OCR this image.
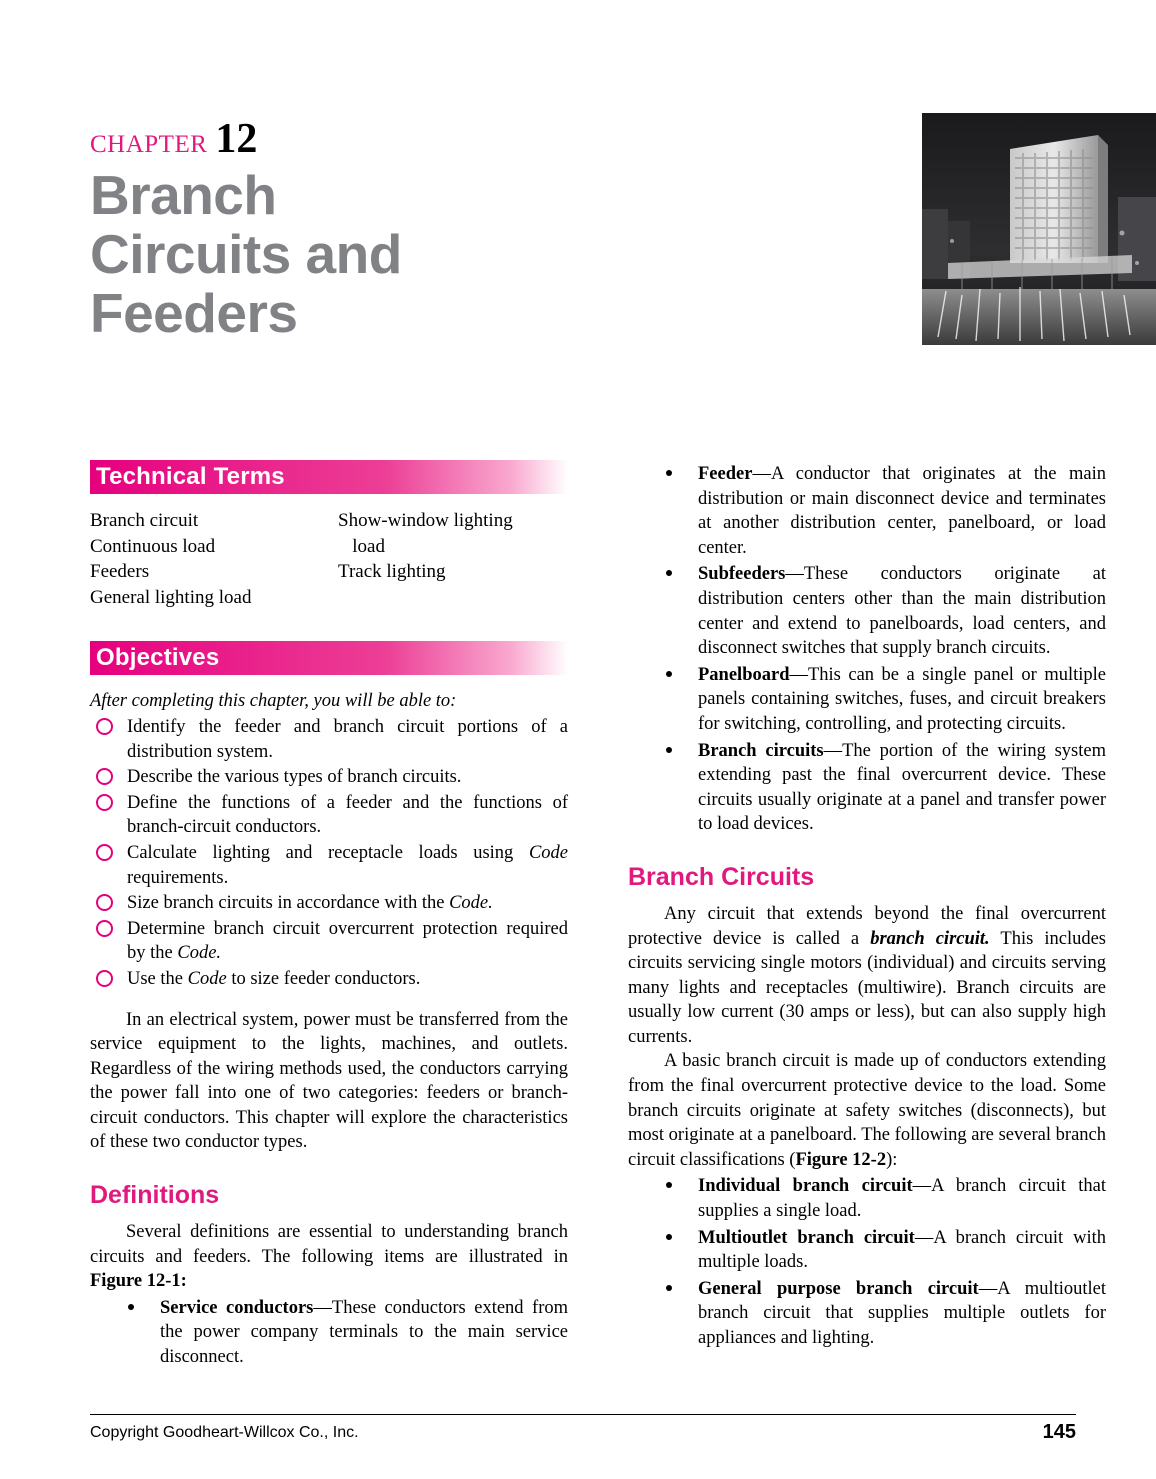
CHAPTER 12
Branch
Circuits and
Feeders
Technical Terms
Branch circuit
Continuous load
Feeders
General lighting load
Show-window lighting
load
Track lighting
Objectives
After completing this chapter, you will be able to:
Identify the feeder and branch circuit portions of a distribution system.
Describe the various types of branch circuits.
Define the functions of a feeder and the functions of branch-circuit conductors.
Calculate lighting and receptacle loads using Code requirements.
Size branch circuits in accordance with the Code.
Determine branch circuit overcurrent protection required by the Code.
Use the Code to size feeder conductors.

In an electrical system, power must be transferred from the service equipment to the lights, machines, and outlets. Regardless of the wiring methods used, the conductors carrying the power fall into one of two categories: feeders or branch-circuit conductors. This chapter will explore the characteristics of these two conductor types.

Definitions

Several definitions are essential to understanding branch circuits and feeders. The following items are illustrated in Figure 12-1:

Service conductors—These conductors extend from the power company terminals to the main service disconnect.
Feeder—A conductor that originates at the main distribution or main disconnect device and terminates at another distribution center, panelboard, or load center.
Subfeeders—These conductors originate at distribution centers other than the main distribution center and extend to panelboards, load centers, and disconnect switches that supply branch circuits.
Panelboard—This can be a single panel or multiple panels containing switches, fuses, and circuit breakers for switching, controlling, and protecting circuits.
Branch circuits—The portion of the wiring system extending past the final overcurrent device. These circuits usually originate at a panel and transfer power to load devices.
Branch Circuits

Any circuit that extends beyond the final overcurrent protective device is called a branch circuit. This includes circuits servicing single motors (individual) and circuits serving many lights and receptacles (multiwire). Branch circuits are usually low current (30 amps or less), but can also supply high currents.

A basic branch circuit is made up of conductors extending from the final overcurrent protective device to the load. Some branch circuits originate at safety switches (disconnects), but most originate at a panelboard. The following are several branch circuit classifications (Figure 12-2):

Individual branch circuit—A branch circuit that supplies a single load.
Multioutlet branch circuit—A branch circuit with multiple loads.
General purpose branch circuit—A multioutlet branch circuit that supplies multiple outlets for appliances and lighting.
Copyright Goodheart-Willcox Co., Inc.	145
